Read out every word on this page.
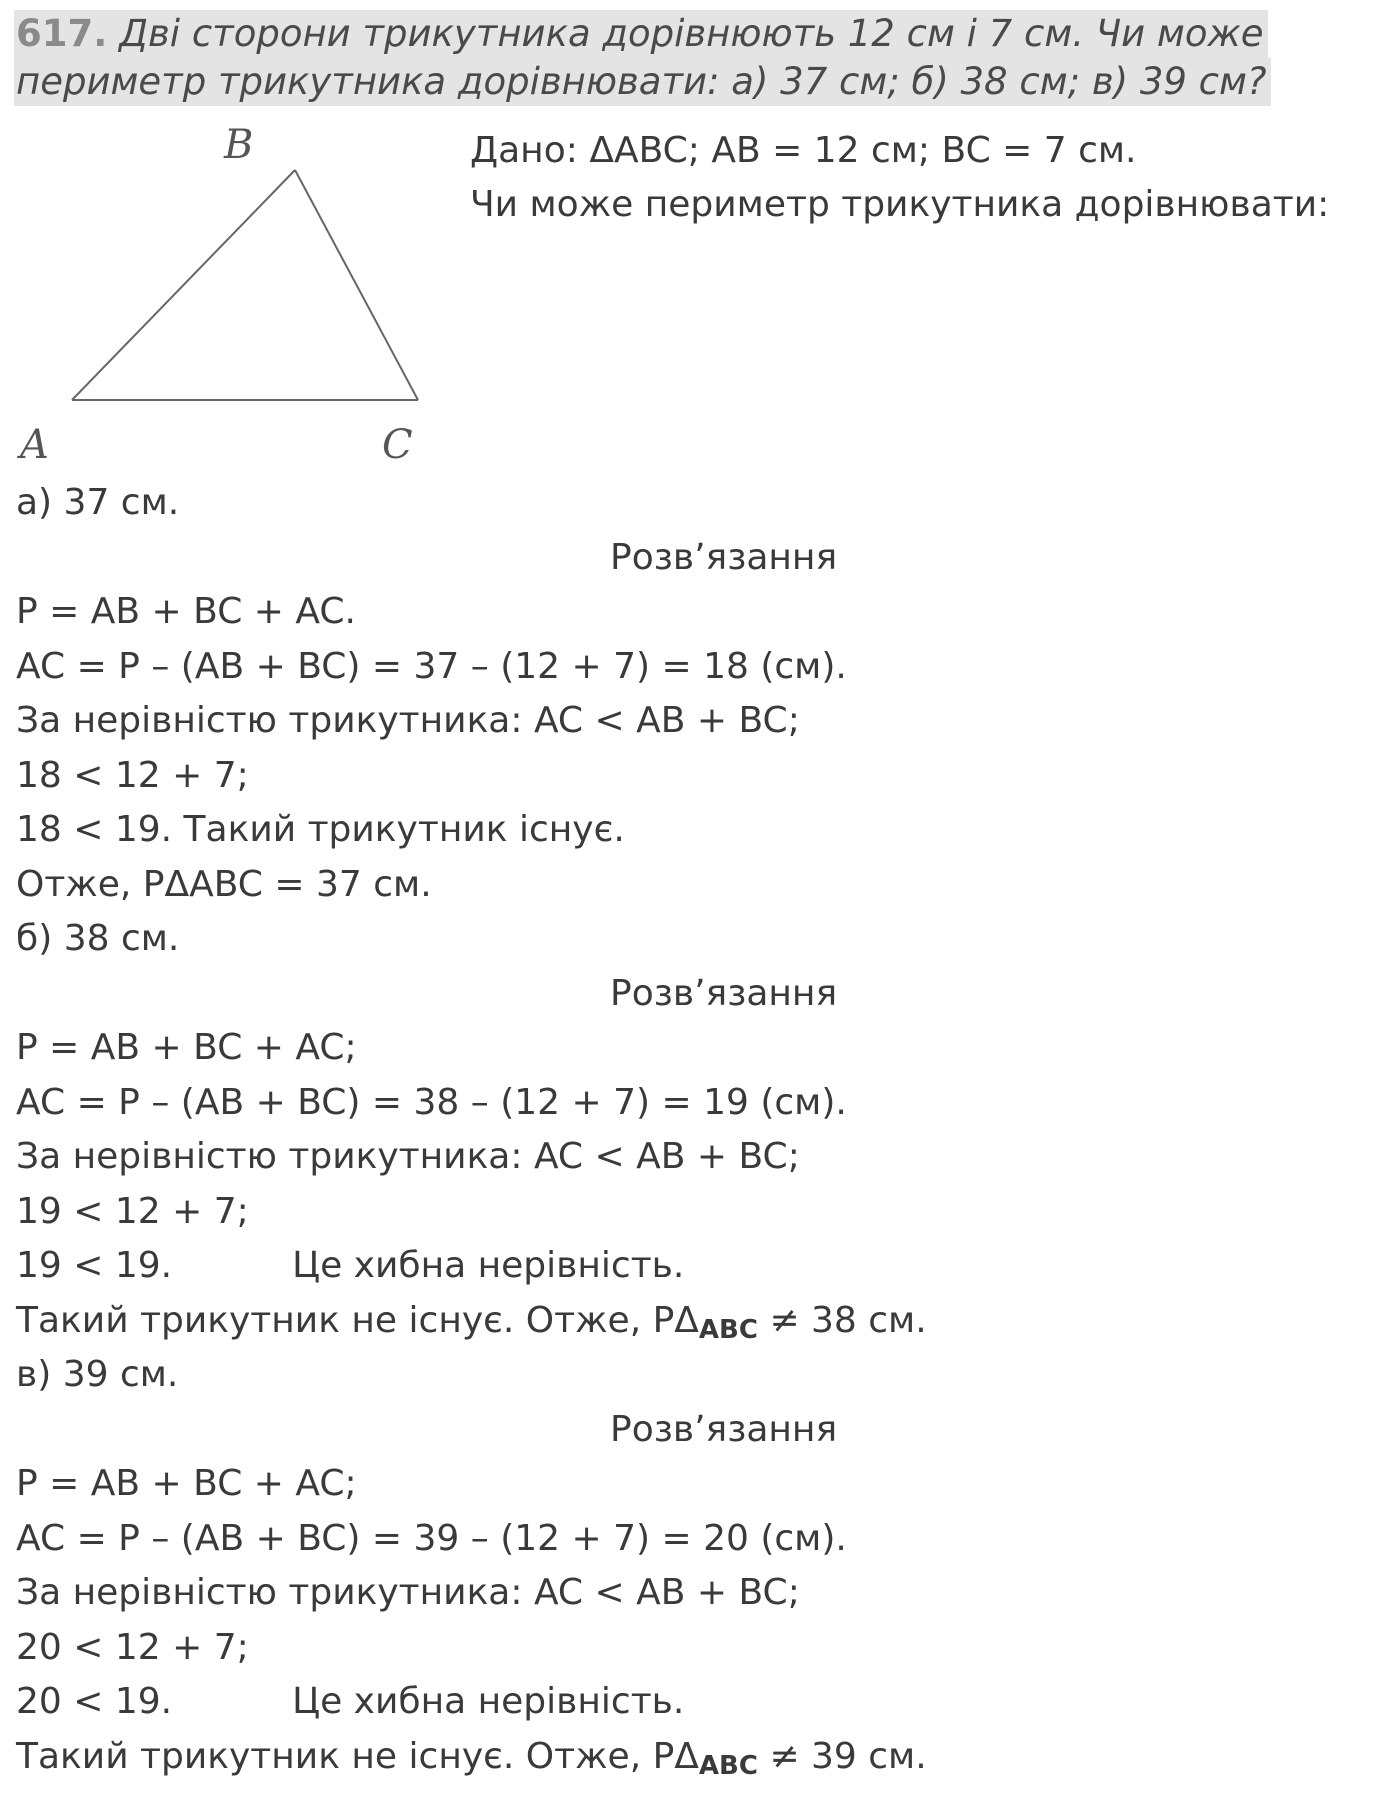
617. Дві сторони трикутника дорівнюють 12 см і 7 см. Чи може
периметр трикутника дорівнювати: а) 37 см; б) 38 см; в) 39 см?
B
A	C
Дано: ΔABC; AB = 12 см; BC = 7 см.
Чи може периметр трикутника дорівнювати:
а) 37 см.
Розв’язання
P = AB + BC + AC.
AC = P – (AB + BC) = 37 – (12 + 7) = 18 (см).
За нерівністю трикутника: AC < AB + BC;
18 < 12 + 7;
18 < 19. Такий трикутник існує.
Отже, PΔABC = 37 см.
б) 38 см.
Розв’язання
P = AB + BC + AC;
AC = P – (AB + BC) = 38 – (12 + 7) = 19 (см).
За нерівністю трикутника: AC < AB + BC;
19 < 12 + 7;
19 < 19.	Це хибна нерівність.
Такий трикутник не існує. Отже, $P\Delta_{ABC} \ne 38$ см.
в) 39 см.
Розв’язання
P = AB + BC + AC;
AC = P – (AB + BC) = 39 – (12 + 7) = 20 (см).
За нерівністю трикутника: AC < AB + BC;
20 < 12 + 7;
20 < 19.	Це хибна нерівність.
Такий трикутник не існує. Отже, $P\Delta_{ABC} \ne 39$ см.
